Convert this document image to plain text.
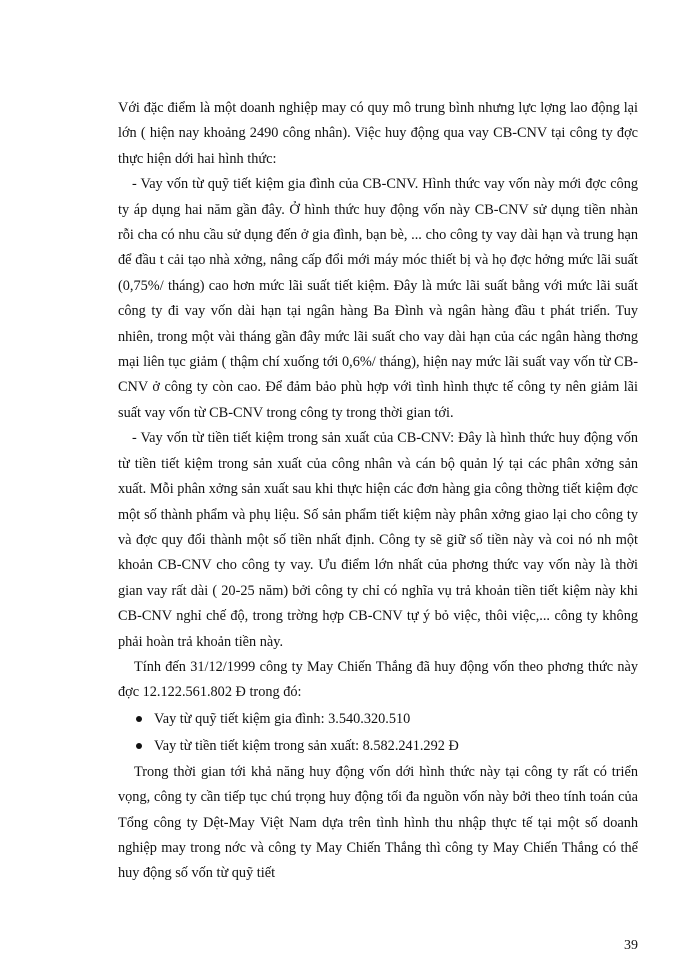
Với đặc điểm là một doanh nghiệp may có quy mô trung bình nhưng lực lợng lao động lại lớn ( hiện nay khoảng 2490 công nhân). Việc huy động qua vay CB-CNV tại công ty đợc thực hiện dới hai hình thức:

- Vay vốn từ quỹ tiết kiệm gia đình của CB-CNV. Hình thức vay vốn này mới đợc công ty áp dụng hai năm gần đây. Ở hình thức huy động vốn này CB-CNV sử dụng tiền nhàn rỗi cha có nhu cầu sử dụng đến ở gia đình, bạn bè, ... cho công ty vay dài hạn và trung hạn để đầu t cải tạo nhà xởng, nâng cấp đổi mới máy móc thiết bị và họ đợc hởng mức lãi suất (0,75%/ tháng) cao hơn mức lãi suất tiết kiệm. Đây là mức lãi suất bằng với mức lãi suất công ty đi vay vốn dài hạn tại ngân hàng Ba Đình và ngân hàng đầu t phát triển. Tuy nhiên, trong một vài tháng gần đây mức lãi suất cho vay dài hạn của các ngân hàng thơng mại liên tục giảm ( thậm chí xuống tới 0,6%/ tháng), hiện nay mức lãi suất vay vốn từ CB-CNV ở công ty còn cao. Để đảm bảo phù hợp với tình hình thực tế công ty nên giảm lãi suất vay vốn từ CB-CNV trong công ty trong thời gian tới.

- Vay vốn từ tiền tiết kiệm trong sản xuất của CB-CNV: Đây là hình thức huy động vốn từ tiền tiết kiệm trong sản xuất của công nhân và cán bộ quản lý tại các phân xởng sản xuất. Mỗi phân xởng sản xuất sau khi thực hiện các đơn hàng gia công thờng tiết kiệm đợc một số thành phẩm và phụ liệu. Số sản phẩm tiết kiệm này phân xởng giao lại cho công ty và đợc quy đổi thành một số tiền nhất định. Công ty sẽ giữ số tiền này và coi nó nh một khoản CB-CNV cho công ty vay. Ưu điểm lớn nhất của phơng thức vay vốn này là thời gian vay rất dài ( 20-25 năm) bởi công ty chỉ có nghĩa vụ trả khoản tiền tiết kiệm này khi CB-CNV nghỉ chế độ, trong trờng hợp CB-CNV tự ý bỏ việc, thôi việc,... công ty không phải hoàn trả khoản tiền này.

Tính đến 31/12/1999 công ty May Chiến Thắng đã huy động vốn theo phơng thức này đợc 12.122.561.802 Đ trong đó:

Vay từ quỹ tiết kiệm gia đình: 3.540.320.510
Vay từ tiền tiết kiệm trong sản xuất: 8.582.241.292 Đ

Trong thời gian tới khả năng huy động vốn dới hình thức này tại công ty rất có triển vọng, công ty cần tiếp tục chú trọng huy động tối đa nguồn vốn này bởi theo tính toán của Tổng công ty Dệt-May Việt Nam dựa trên tình hình thu nhập thực tế tại một số doanh nghiệp may trong nớc và công ty May Chiến Thắng thì công ty May Chiến Thắng có thể huy động số vốn từ quỹ tiết

39
